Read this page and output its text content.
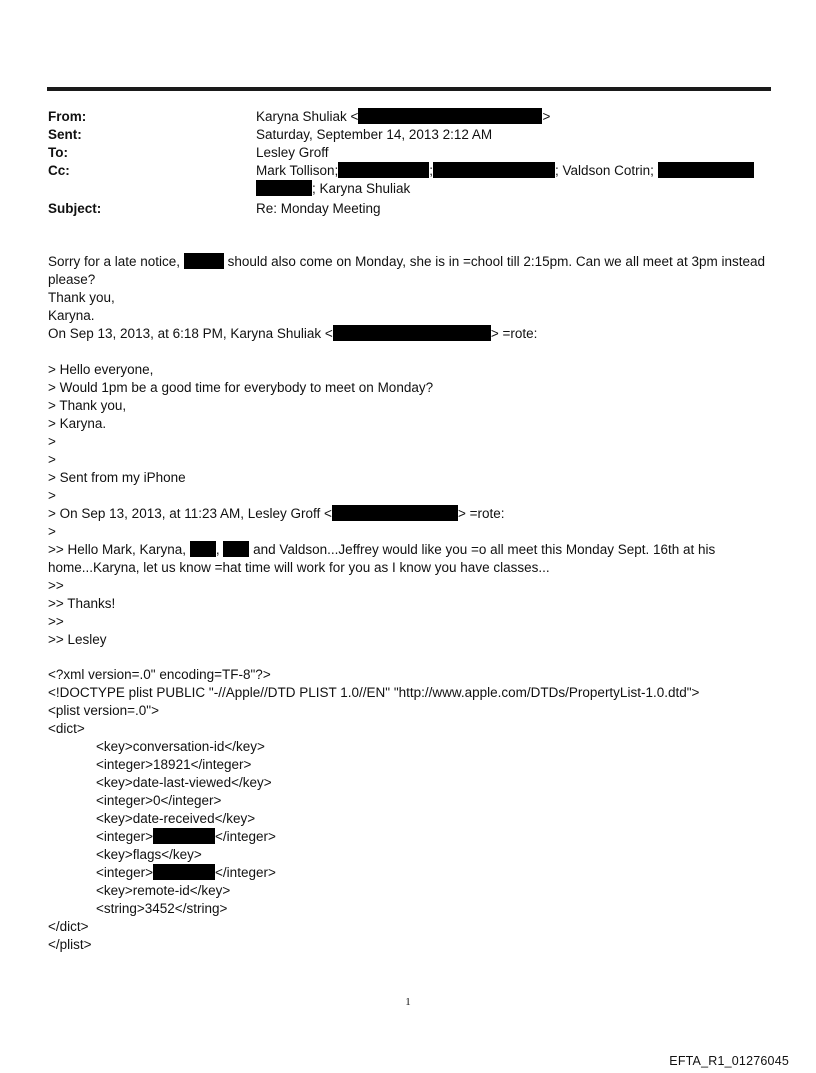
From:	Karyna Shuliak <	>
Sent:	Saturday, September 14, 2013 2:12 AM
To:	Lesley Groff
Cc:	Mark Tollison;	;	; Valdson Cotrin;
; Karyna Shuliak
Subject:	Re: Monday Meeting
Sorry for a late notice,	should also come on Monday, she is in =chool till 2:15pm. Can we all meet at 3pm instead
please?
Thank you,
Karyna.
On Sep 13, 2013, at 6:18 PM, Karyna Shuliak <	> =rote:
> Hello everyone,
> Would 1pm be a good time for everybody to meet on Monday?
> Thank you,
> Karyna.
>
>
> Sent from my iPhone
>
> On Sep 13, 2013, at 11:23 AM, Lesley Groff <	> =rote:
>
>> Hello Mark, Karyna, , and Valdson...Jeffrey would like you =o all meet this Monday Sept. 16th at his
home...Karyna, let us know =hat time will work for you as I know you have classes...
>>
>> Thanks!
>>
>> Lesley
<?xml version=.0" encoding=TF-8"?>
<!DOCTYPE plist PUBLIC "-//Apple//DTD PLIST 1.0//EN" "http://www.apple.com/DTDs/PropertyList-1.0.dtd">
<plist version=.0">
<dict>
<key>conversation-id</key>
<integer>18921</integer>
<key>date-last-viewed</key>
<integer>0</integer>
<key>date-received</key>
<integer>	</integer>
<key>flags</key>
<integer>	</integer>
<key>remote-id</key>
<string>3452</string>
</dict>
</plist>
1
EFTA_R1_01276045
